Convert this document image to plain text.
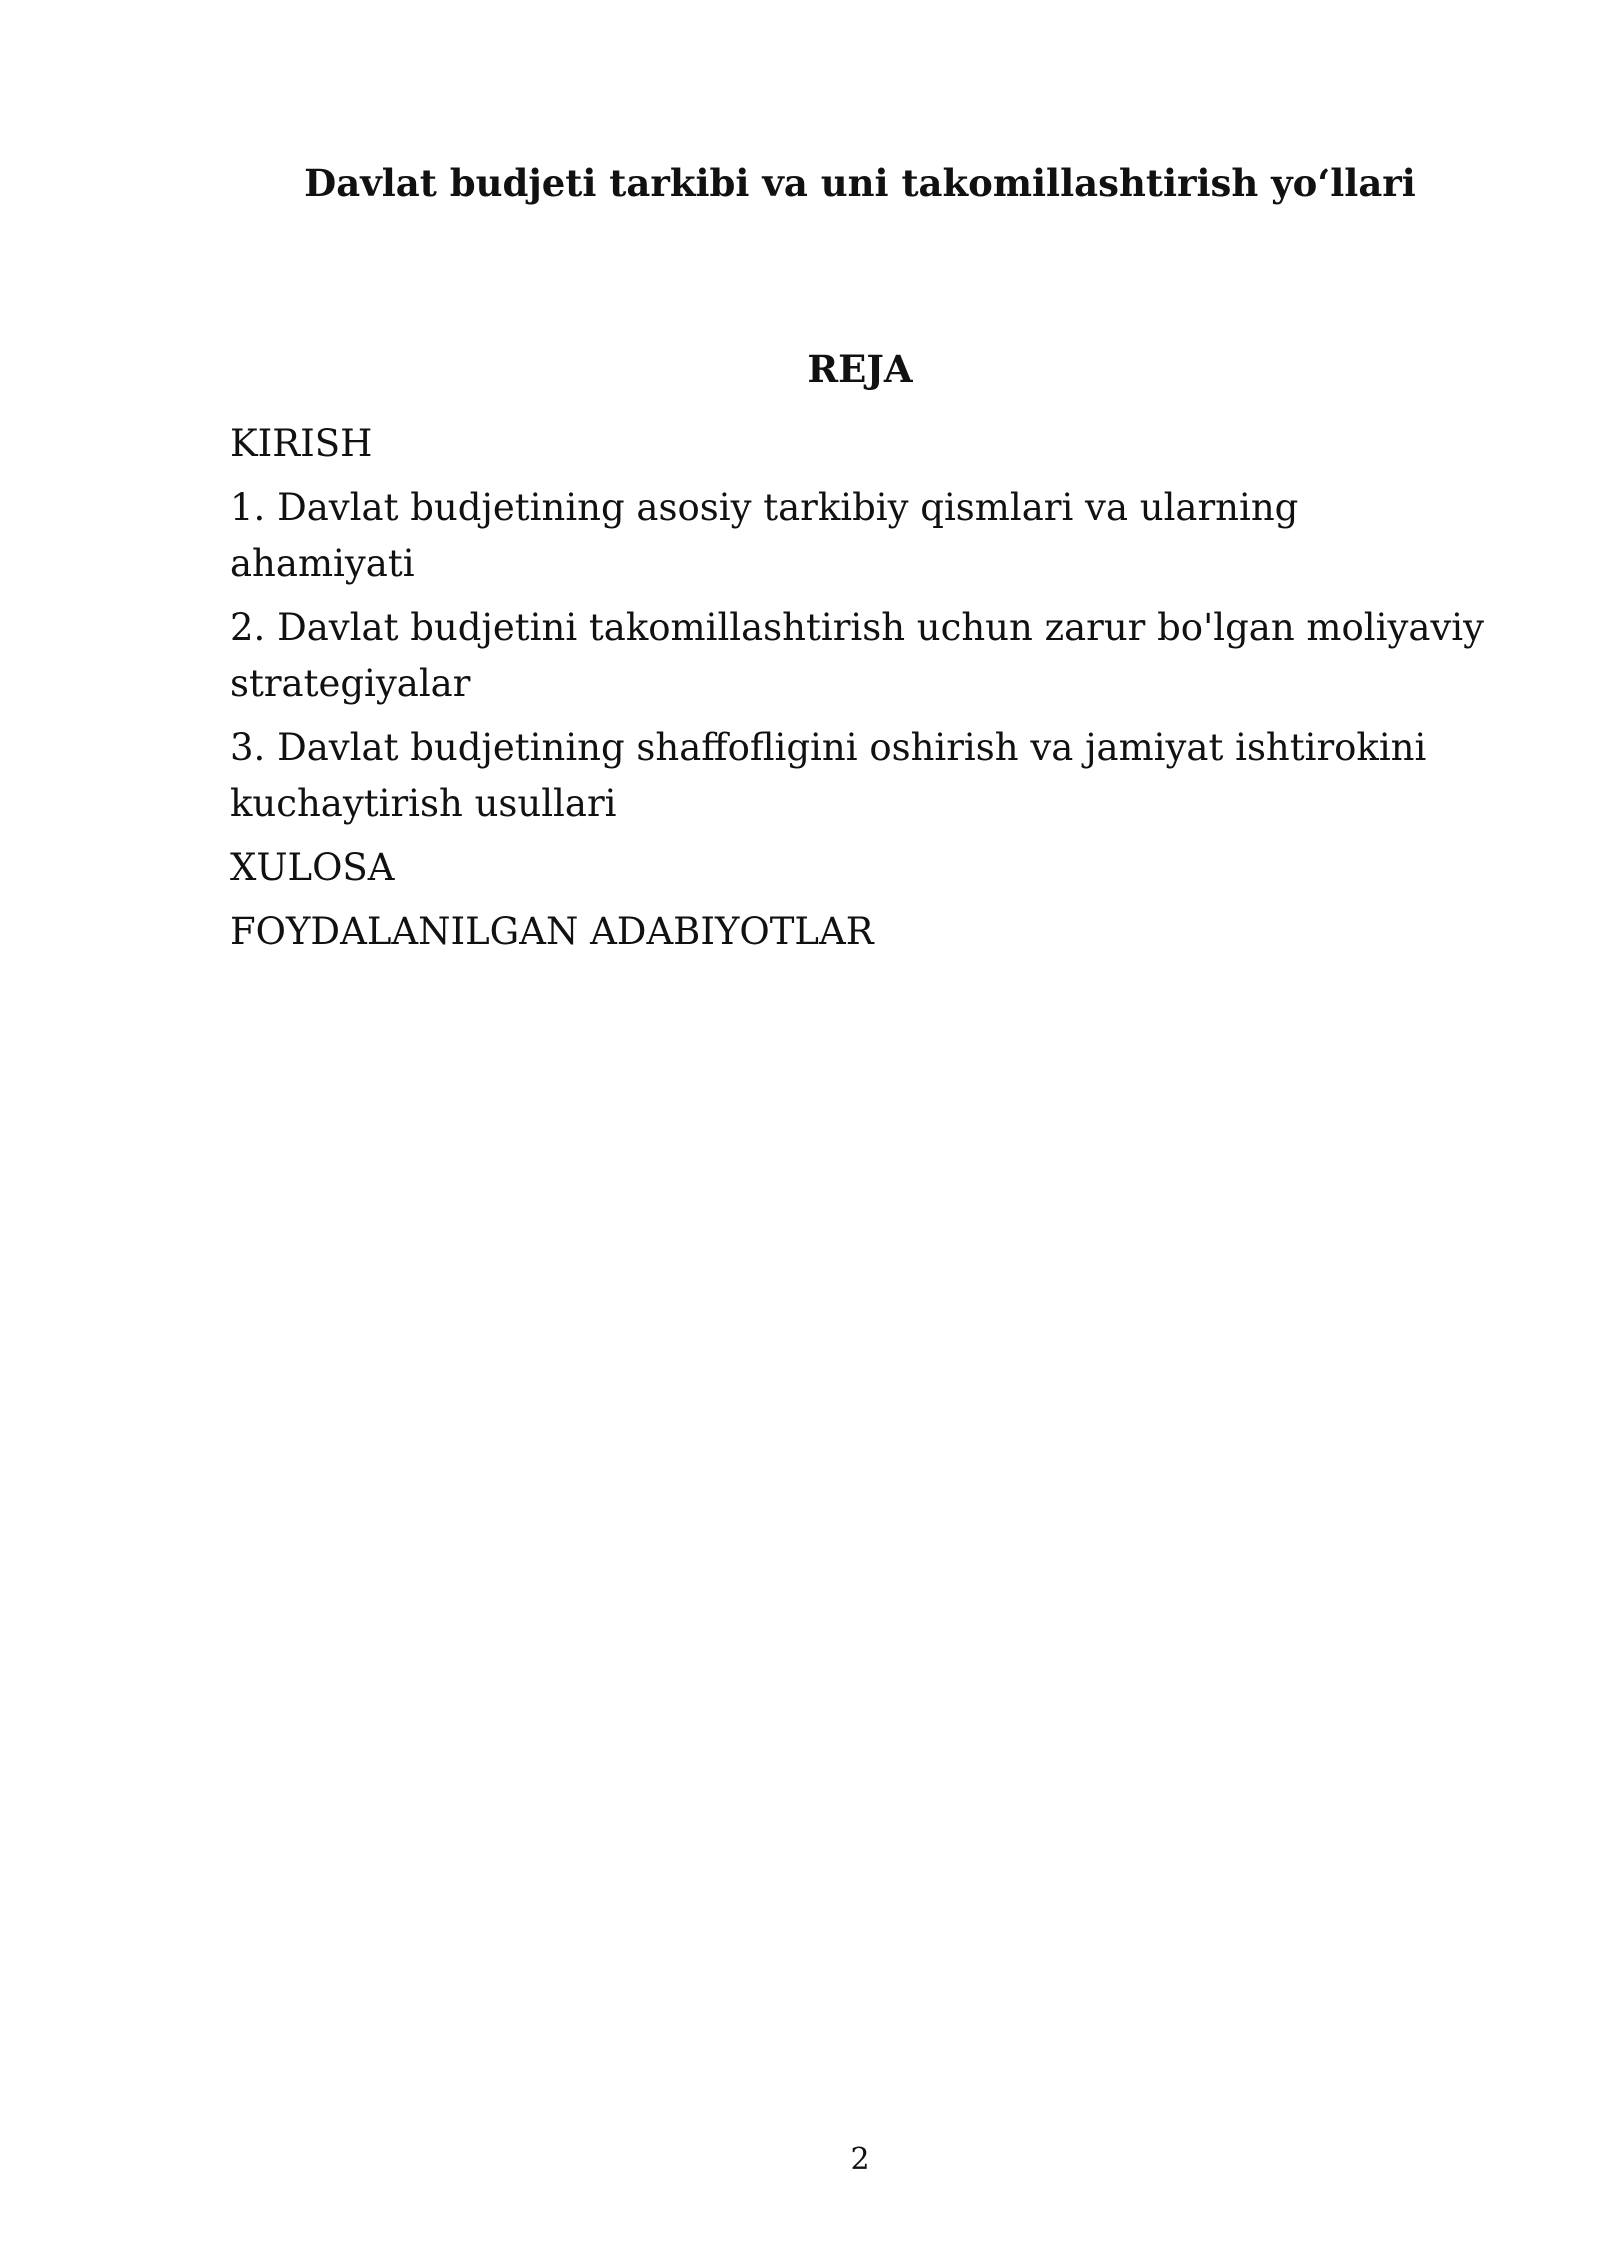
Davlat budjeti tarkibi va uni takomillashtirish yo‘llari
REJA
KIRISH
1. Davlat budjetining asosiy tarkibiy qismlari va ularning ahamiyati
2. Davlat budjetini takomillashtirish uchun zarur bo'lgan moliyaviy strategiyalar
3. Davlat budjetining shaffofligini oshirish va jamiyat ishtirokini kuchaytirish usullari
XULOSA
FOYDALANILGAN ADABIYOTLAR
2
